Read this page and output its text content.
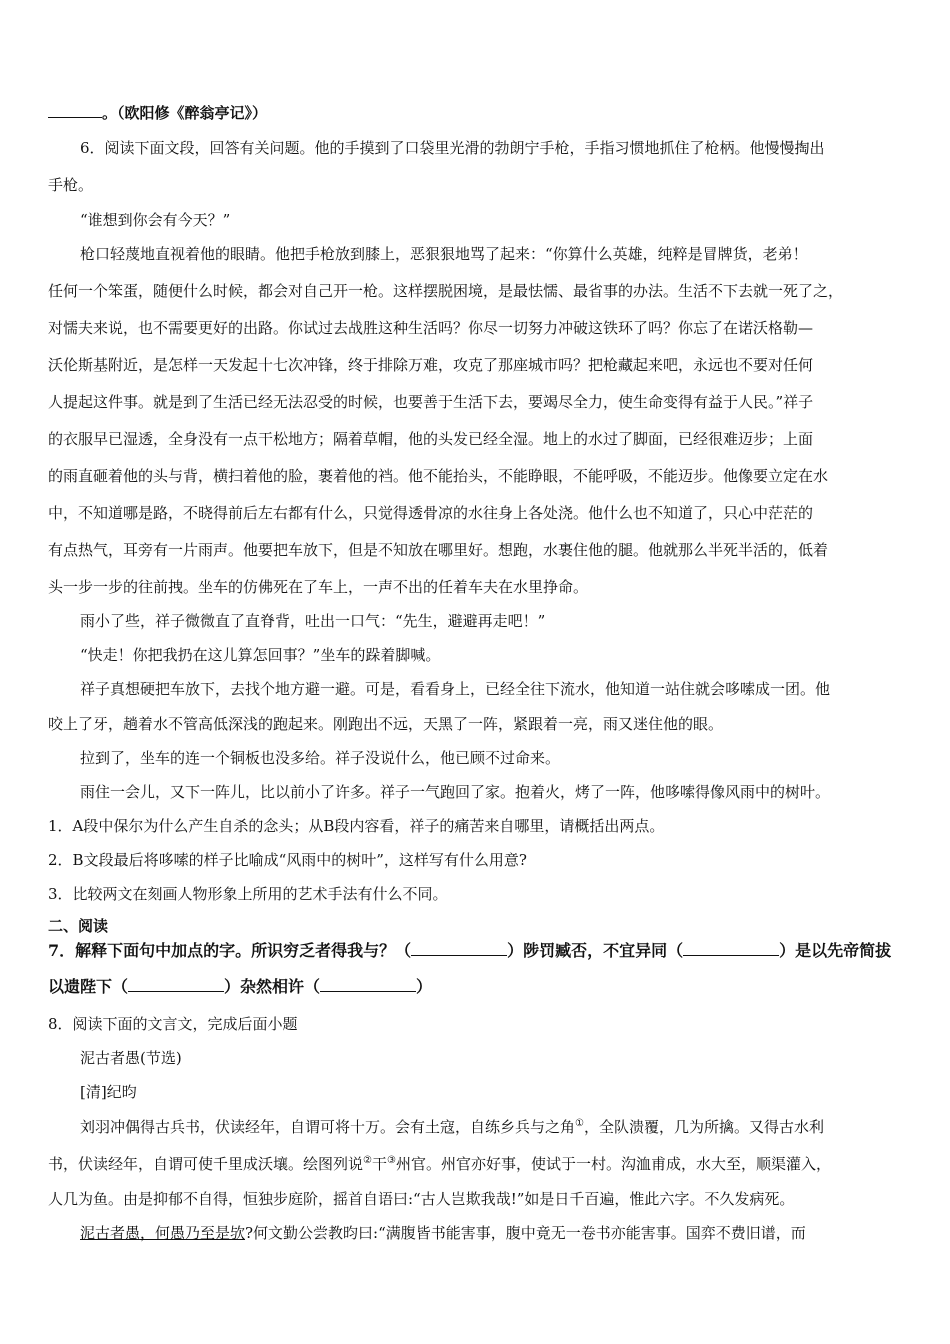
。（欧阳修《醉翁亭记》）
6．阅读下面文段，回答有关问题。他的手摸到了口袋里光滑的勃朗宁手枪，手指习惯地抓住了枪柄。他慢慢掏出
手枪。
“谁想到你会有今天？”
枪口轻蔑地直视着他的眼睛。他把手枪放到膝上，恶狠狠地骂了起来：“你算什么英雄，纯粹是冒牌货，老弟！
任何一个笨蛋，随便什么时候，都会对自己开一枪。这样摆脱困境，是最怯懦、最省事的办法。生活不下去就一死了之，
对懦夫来说，也不需要更好的出路。你试过去战胜这种生活吗？你尽一切努力冲破这铁环了吗？你忘了在诺沃格勒—
沃伦斯基附近，是怎样一天发起十七次冲锋，终于排除万难，攻克了那座城市吗？把枪藏起来吧，永远也不要对任何
人提起这件事。就是到了生活已经无法忍受的时候，也要善于生活下去，要竭尽全力，使生命变得有益于人民。”祥子
的衣服早已湿透，全身没有一点干松地方；隔着草帽，他的头发已经全湿。地上的水过了脚面，已经很难迈步；上面
的雨直砸着他的头与背，横扫着他的脸，裹着他的裆。他不能抬头，不能睁眼，不能呼吸，不能迈步。他像要立定在水
中，不知道哪是路，不晓得前后左右都有什么，只觉得透骨凉的水往身上各处浇。他什么也不知道了，只心中茫茫的
有点热气，耳旁有一片雨声。他要把车放下，但是不知放在哪里好。想跑，水裹住他的腿。他就那么半死半活的，低着
头一步一步的往前拽。坐车的仿佛死在了车上，一声不出的任着车夫在水里挣命。
雨小了些，祥子微微直了直脊背，吐出一口气：“先生，避避再走吧！”
“快走！你把我扔在这儿算怎回事？”坐车的跺着脚喊。
祥子真想硬把车放下，去找个地方避一避。可是，看看身上，已经全往下流水，他知道一站住就会哆嗦成一团。他
咬上了牙，趟着水不管高低深浅的跑起来。刚跑出不远，天黑了一阵，紧跟着一亮，雨又迷住他的眼。
拉到了，坐车的连一个铜板也没多给。祥子没说什么，他已顾不过命来。
雨住一会儿，又下一阵儿，比以前小了许多。祥子一气跑回了家。抱着火，烤了一阵，他哆嗦得像风雨中的树叶。
1．A段中保尔为什么产生自杀的念头；从B段内容看，祥子的痛苦来自哪里，请概括出两点。
2．B文段最后将哆嗦的样子比喻成“风雨中的树叶”，这样写有什么用意?
3．比较两文在刻画人物形象上所用的艺术手法有什么不同。
二、阅读
7．解释下面句中加点的字。所识穷乏者得我与？（	）陟罚臧否，不宜异同（	）是以先帝简拔
以遗陛下（	）杂然相许（	）
8．阅读下面的文言文，完成后面小题
泥古者愚(节选)
[清]纪昀
刘羽冲偶得古兵书，伏读经年，自谓可将十万。会有土寇，自练乡兵与之角①，全队溃覆，几为所擒。又得古水利
书，伏读经年，自谓可使千里成沃壤。绘图列说②干③州官。州官亦好事，使试于一村。沟洫甫成，水大至，顺渠灌入，
人几为鱼。由是抑郁不自得，恒独步庭阶，摇首自语曰:“古人岂欺我哉!”如是日千百遍，惟此六字。不久发病死。
泥古者愚，何愚乃至是欤?何文勤公尝教昀曰:“满腹皆书能害事，腹中竟无一卷书亦能害事。国弈不费旧谱，而
